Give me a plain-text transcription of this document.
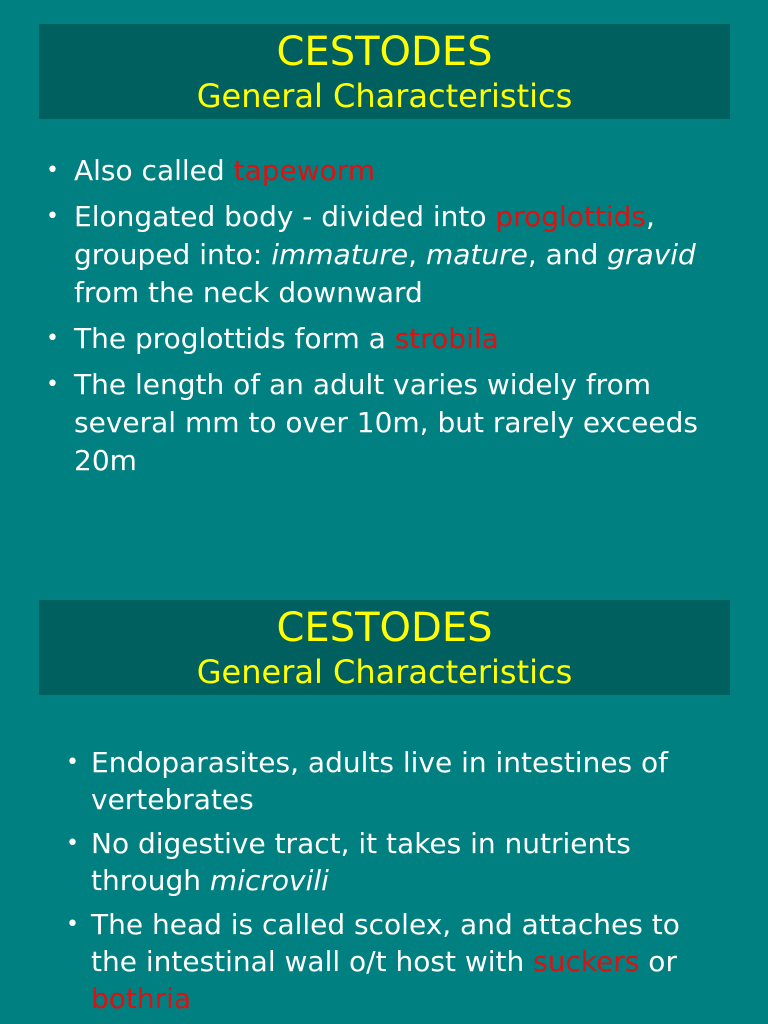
CESTODES
General Characteristics
• Also called tapeworm
• Elongated body - divided into proglottids, grouped into: immature, mature, and gravid   from the neck downward
• The proglottids form a strobila
• The length of an adult varies widely from several mm to over 10m, but rarely exceeds 20m
CESTODES
General Characteristics
• Endoparasites, adults live in intestines of vertebrates
• No digestive tract, it takes in nutrients through microvili
• The head is called scolex, and attaches to the intestinal wall o/t host with suckers or bothria
